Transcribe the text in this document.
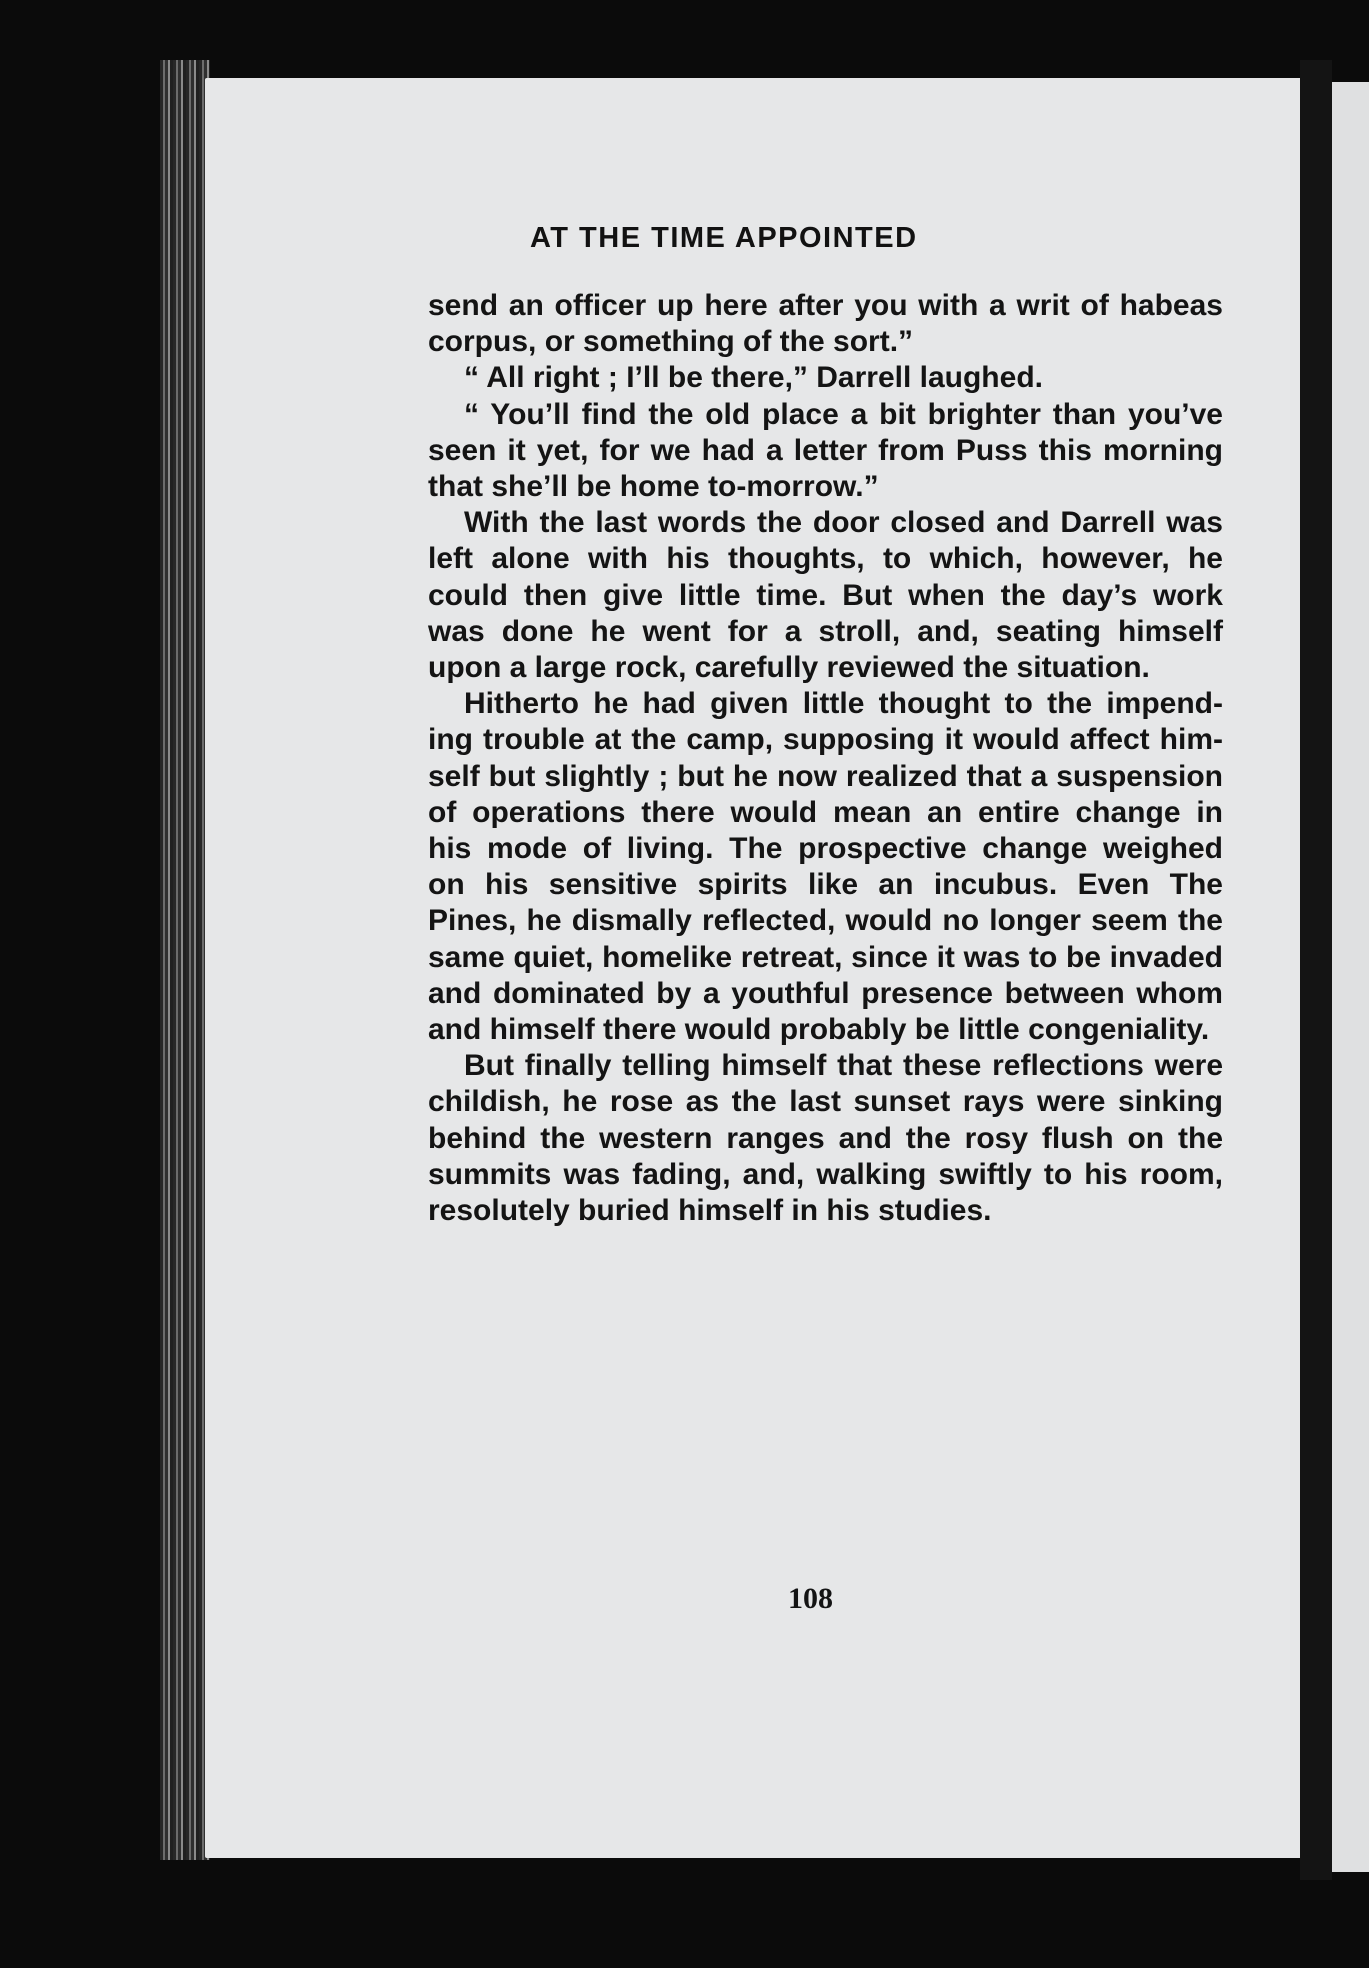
AT THE TIME APPOINTED
send an officer up here after you with a writ of habeas
corpus, or something of the sort.”
“ All right ; I’ll be there,” Darrell laughed.
“ You’ll find the old place a bit brighter than you’ve
seen it yet, for we had a letter from Puss this morning
that she’ll be home to-morrow.”
With the last words the door closed and Darrell was
left alone with his thoughts, to which, however, he
could then give little time. But when the day’s work
was done he went for a stroll, and, seating himself
upon a large rock, carefully reviewed the situation.
Hitherto he had given little thought to the impend-
ing trouble at the camp, supposing it would affect him-
self but slightly ; but he now realized that a suspension
of operations there would mean an entire change in
his mode of living. The prospective change weighed
on his sensitive spirits like an incubus. Even The
Pines, he dismally reflected, would no longer seem the
same quiet, homelike retreat, since it was to be invaded
and dominated by a youthful presence between whom
and himself there would probably be little congeniality.
But finally telling himself that these reflections were
childish, he rose as the last sunset rays were sinking
behind the western ranges and the rosy flush on the
summits was fading, and, walking swiftly to his room,
resolutely buried himself in his studies.
108
